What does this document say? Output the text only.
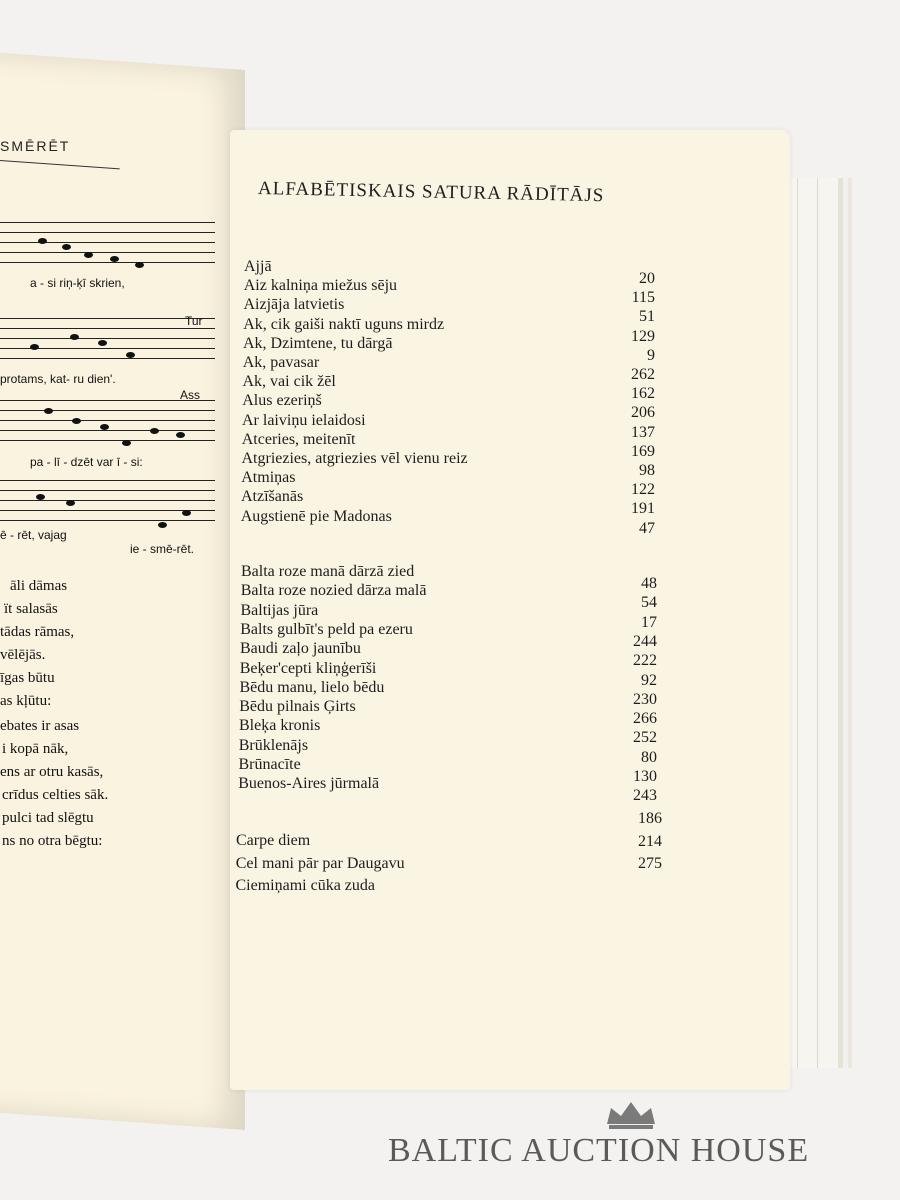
SMĒRĒT
a - si riņ-ķī skrien,
Tur
protams, kat- ru dien'.
Ass
pa - lī - dzēt var ī - si:
ē - rēt, vajag
ie - smē-rēt.
āli dāmas
ït salasās
tādas rāmas,
vēlējās.
īgas būtu
as kļūtu:
ebates ir asas
i kopā nāk,
ens ar otru kasās,
crīdus celties sāk.
pulci tad slēgtu
ns no otra bēgtu:
ALFABĒTISKAIS SATURA RĀDĪTĀJS
Ajjā
20
Aiz kalniņa miežus sēju
115
Aizjāja latvietis
51
Ak, cik gaiši naktī uguns mirdz
129
Ak, Dzimtene, tu dārgā
9
Ak, pavasar
262
Ak, vai cik žēl
162
Alus ezeriņš
206
Ar laiviņu ielaidosi
137
Atceries, meitenīt
169
Atgriezies, atgriezies vēl vienu reiz
98
Atmiņas
122
Atzīšanās
191
Augstienē pie Madonas
47
Balta roze manā dārzā zied
48
Balta roze nozied dārza malā
54
Baltijas jūra
17
Balts gulbīt's peld pa ezeru
244
Baudi zaļo jaunību
222
Beķer'cepti kliņģerīši
92
Bēdu manu, lielo bēdu
230
Bēdu pilnais Ģirts
266
Bleķa kronis
252
Brūklenājs
80
Brūnacīte
130
Buenos-Aires jūrmalā
243
Carpe diem
186
Cel mani pār par Daugavu
214
Ciemiņami cūka zuda
275
BALTIC AUCTION HOUSE
